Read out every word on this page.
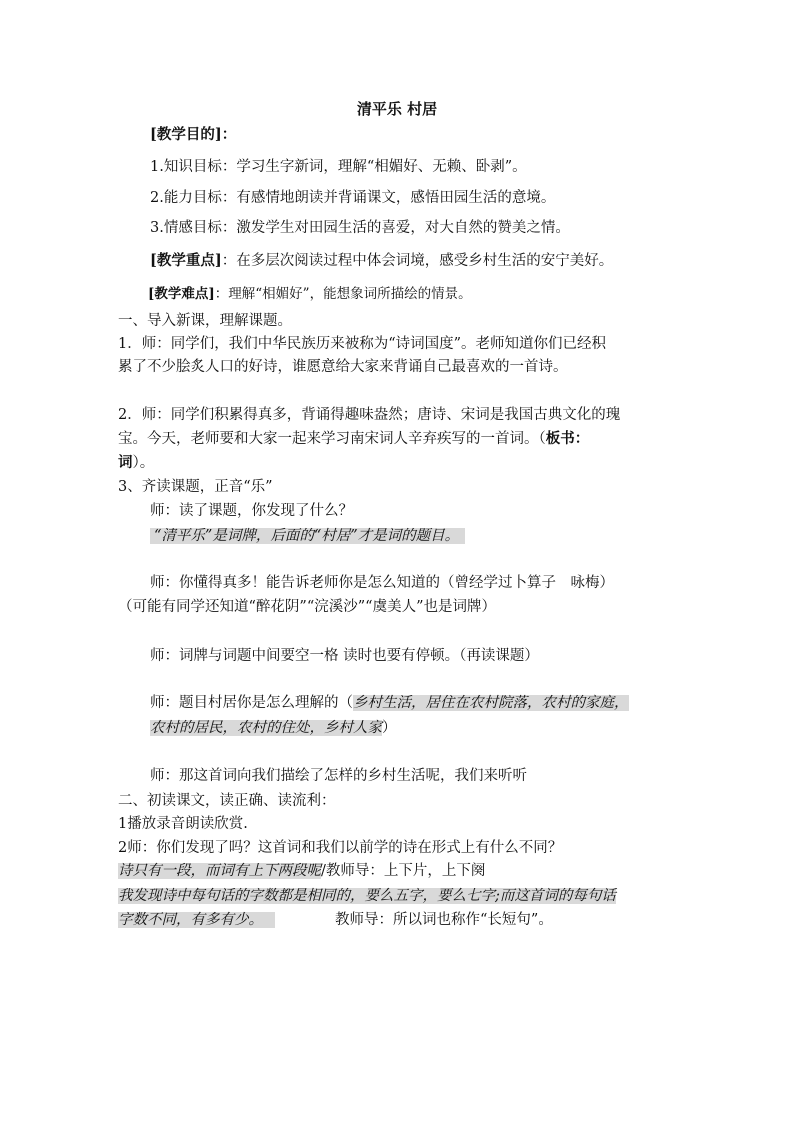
清平乐 村居
[教学目的]：
1.知识目标：学习生字新词，理解“相媚好、无赖、卧剥”。
2.能力目标：有感情地朗读并背诵课文，感悟田园生活的意境。
3.情感目标：激发学生对田园生活的喜爱，对大自然的赞美之情。
[教学重点]：在多层次阅读过程中体会词境，感受乡村生活的安宁美好。
[教学难点]：理解“相媚好”，能想象词所描绘的情景。
一、导入新课，理解课题。
1．师：同学们，我们中华民族历来被称为“诗词国度”。老师知道你们已经积
累了不少脍炙人口的好诗，谁愿意给大家来背诵自己最喜欢的一首诗。
2．师：同学们积累得真多，背诵得趣味盎然；唐诗、宋词是我国古典文化的瑰
宝。今天，老师要和大家一起来学习南宋词人辛弃疾写的一首词。（板书：
词）。
3、齐读课题，正音“乐”
师：读了课题，你发现了什么？
“清平乐”是词牌，后面的“村居”才是词的题目。
师：你懂得真多！能告诉老师你是怎么知道的（曾经学过卜算子　咏梅）
（可能有同学还知道“醉花阴”“浣溪沙”“虞美人”也是词牌）
师：词牌与词题中间要空一格 读时也要有停顿。（再读课题）
师：题目村居你是怎么理解的（乡村生活，居住在农村院落，农村的家庭，
农村的居民，农村的住处，乡村人家）
师：那这首词向我们描绘了怎样的乡村生活呢，我们来听听
二、初读课文，读正确、读流利：
1播放录音朗读欣赏.
2师：你们发现了吗？这首词和我们以前学的诗在形式上有什么不同？
诗只有一段，而词有上下两段呢/教师导：上下片，上下阕
我发现诗中每句话的字数都是相同的，要么五字，要么七字;而这首词的每句话
字数不同，有多有少。	教师导：所以词也称作“长短句”。
